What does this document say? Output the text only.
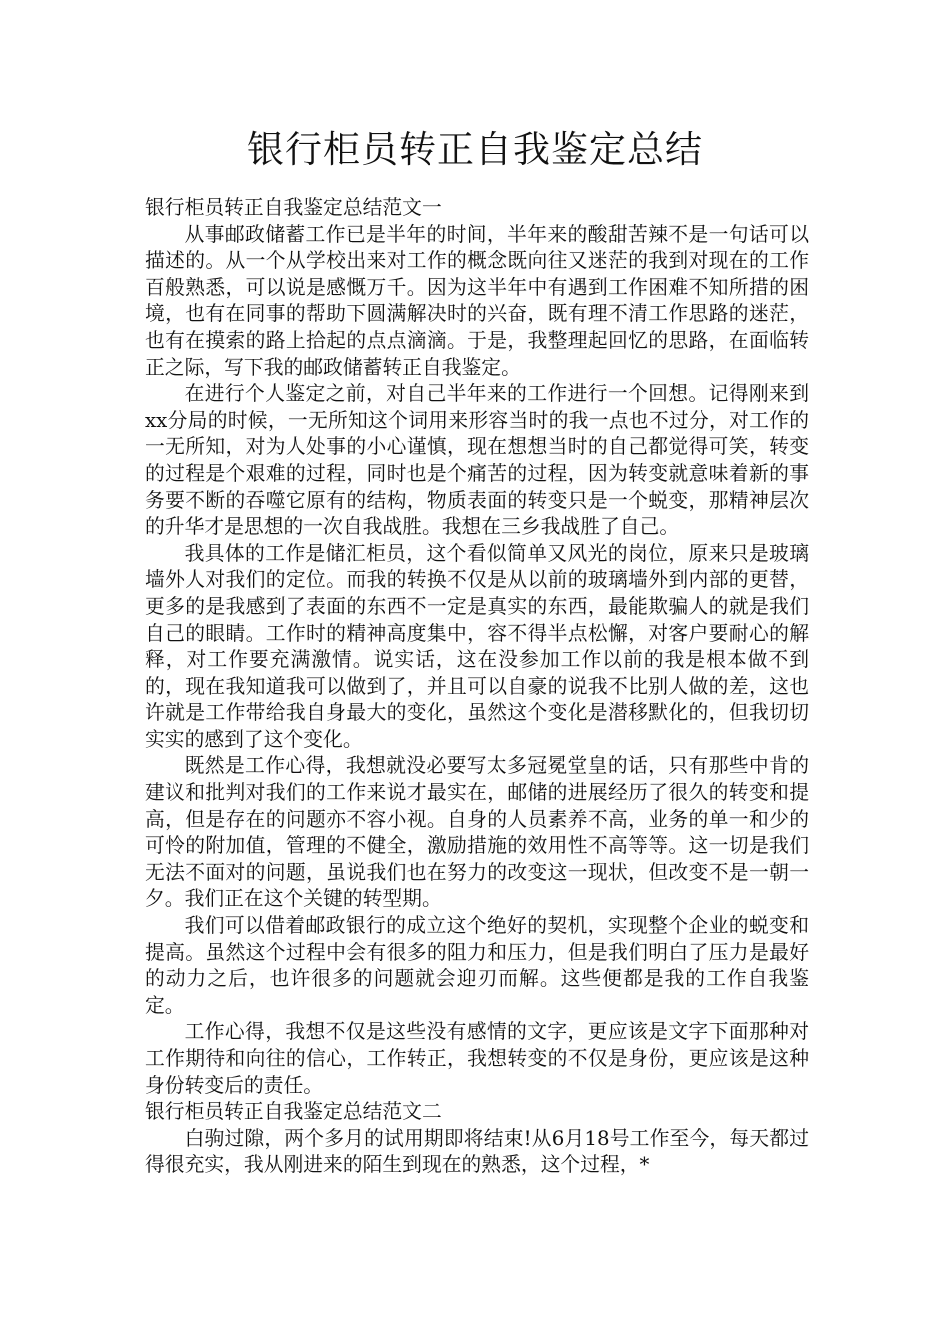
银行柜员转正自我鉴定总结

银行柜员转正自我鉴定总结范文一

从事邮政储蓄工作已是半年的时间，半年来的酸甜苦辣不是一句话可以描述的。从一个从学校出来对工作的概念既向往又迷茫的我到对现在的工作百般熟悉，可以说是感慨万千。因为这半年中有遇到工作困难不知所措的困境，也有在同事的帮助下圆满解决时的兴奋，既有理不清工作思路的迷茫，也有在摸索的路上拾起的点点滴滴。于是，我整理起回忆的思路，在面临转正之际，写下我的邮政储蓄转正自我鉴定。

在进行个人鉴定之前，对自己半年来的工作进行一个回想。记得刚来到xx分局的时候，一无所知这个词用来形容当时的我一点也不过分，对工作的一无所知，对为人处事的小心谨慎，现在想想当时的自己都觉得可笑，转变的过程是个艰难的过程，同时也是个痛苦的过程，因为转变就意味着新的事务要不断的吞噬它原有的结构，物质表面的转变只是一个蜕变，那精神层次的升华才是思想的一次自我战胜。我想在三乡我战胜了自己。

我具体的工作是储汇柜员，这个看似简单又风光的岗位，原来只是玻璃墙外人对我们的定位。而我的转换不仅是从以前的玻璃墙外到内部的更替，更多的是我感到了表面的东西不一定是真实的东西，最能欺骗人的就是我们自己的眼睛。工作时的精神高度集中，容不得半点松懈，对客户要耐心的解释，对工作要充满激情。说实话，这在没参加工作以前的我是根本做不到的，现在我知道我可以做到了，并且可以自豪的说我不比别人做的差，这也许就是工作带给我自身最大的变化，虽然这个变化是潜移默化的，但我切切实实的感到了这个变化。

既然是工作心得，我想就没必要写太多冠冕堂皇的话，只有那些中肯的建议和批判对我们的工作来说才最实在，邮储的进展经历了很久的转变和提高，但是存在的问题亦不容小视。自身的人员素养不高，业务的单一和少的可怜的附加值，管理的不健全，激励措施的效用性不高等等。这一切是我们无法不面对的问题，虽说我们也在努力的改变这一现状，但改变不是一朝一夕。我们正在这个关键的转型期。

我们可以借着邮政银行的成立这个绝好的契机，实现整个企业的蜕变和提高。虽然这个过程中会有很多的阻力和压力，但是我们明白了压力是最好的动力之后，也许很多的问题就会迎刃而解。这些便都是我的工作自我鉴定。

工作心得，我想不仅是这些没有感情的文字，更应该是文字下面那种对工作期待和向往的信心，工作转正，我想转变的不仅是身份，更应该是这种身份转变后的责任。

银行柜员转正自我鉴定总结范文二

白驹过隙，两个多月的试用期即将结束!从6月18号工作至今，每天都过得很充实，我从刚进来的陌生到现在的熟悉，这个过程，*
